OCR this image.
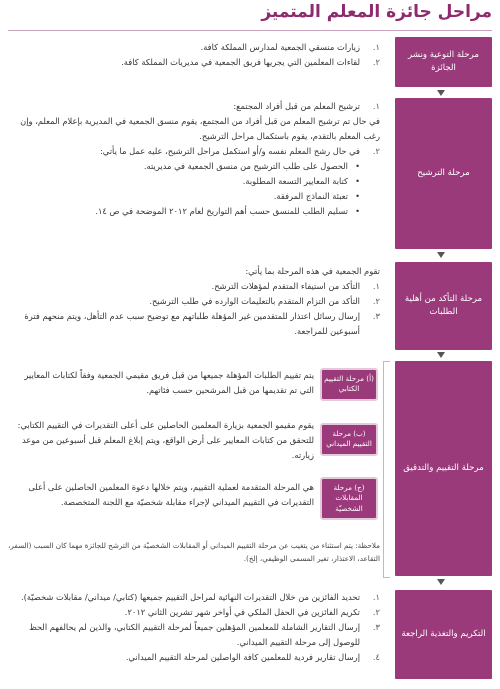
مراحل جائزة المعلم المتميز
مرحلة التوعية ونشر الجائزة
١.
زيارات منسقي الجمعية لمدارس المملكة كافة.
٢.
لقاءات المعلمين التي يجريها فريق الجمعية في مديريات المملكة كافة.
مرحلة الترشيح
١.
ترشيح المعلم من قبل أفراد المجتمع:
في حال تم ترشيح المعلم من قبل أفراد من المجتمع، يقوم منسق الجمعية في المديرية بإعلام المعلم، وإن رغب المعلم بالتقدم، يقوم باستكمال مراحل الترشيح.
٢.
في حال رشح المعلم نفسه و/أو استكمل مراحل الترشيح، عليه عمل ما يأتي:
•
الحصول على طلب الترشيح من منسق الجمعية في مديريته.
•
كتابة المعايير التسعة المطلوبة.
•
تعبئة النماذج المرفقة.
•
تسليم الطلب للمنسق حسب أهم التواريخ لعام ٢٠١٢ الموضحة في ص ١٤.
مرحلة التأكد من أهلية الطلبات
تقوم الجمعية في هذه المرحلة بما يأتي:
١.
التأكد من استيفاء المتقدم لمؤهلات الترشح.
٢.
التأكد من التزام المتقدم بالتعليمات الوارده في طلب الترشيح.
٣.
إرسال رسائل اعتذار للمتقدمين غير المؤهلة طلباتهم مع توضيح سبب عدم التأهل، ويتم منحهم فترة أسبوعين للمراجعة.
مرحلة التقييم والتدقيق
(أ) مرحلة التقييم الكتابي
يتم تقييم الطلبات المؤهلة جميعها من قبل فريق مقيمي الجمعية وفقاً لكتابات المعايير التي تم تقديمها من قبل المرشحين حسب فئاتهم.
(ب) مرحلة التقييم الميداني
يقوم مقيمو الجمعية بزيارة المعلمين الحاصلين على أعلى التقديرات في التقييم الكتابي: للتحقق من كتابات المعايير على أرض الواقع، ويتم إبلاغ المعلم قبل أسبوعين من موعد زيارته.
(ج) مرحلة المقابلات الشخصيّة
هي المرحلة المتقدمة لعملية التقييم، ويتم خلالها دعوة المعلمين الحاصلين على أعلى التقديرات في التقييم الميداني لإجراء مقابلة شخصيّة مع اللجنة المتخصصة.
ملاحظة: يتم استثناء من يتغيب عن مرحلة التقييم الميداني أو المقابلات الشخصيّة من الترشح للجائزة مهما كان السبب (السفر، التقاعد، الاعتذار، تغير المسمى الوظيفي، إلخ).
التكريم والتغذية الراجعة
١.
تحديد الفائزين من خلال التقديرات النهائية لمراحل التقييم جميعها (كتابي/ ميداني/ مقابلات شخصيّة).
٢.
تكريم الفائزين في الحفل الملكي في أواخر شهر تشرين الثاني ٢٠١٢.
٣.
إرسال التقارير الشاملة للمعلمين المؤهلين جميعاً لمرحلة التقييم الكتابي، والذين لم يحالفهم الحظ للوصول إلى مرحلة التقييم الميداني.
٤.
إرسال تقارير فردية للمعلمين كافة الواصلين لمرحلة التقييم الميداني.
